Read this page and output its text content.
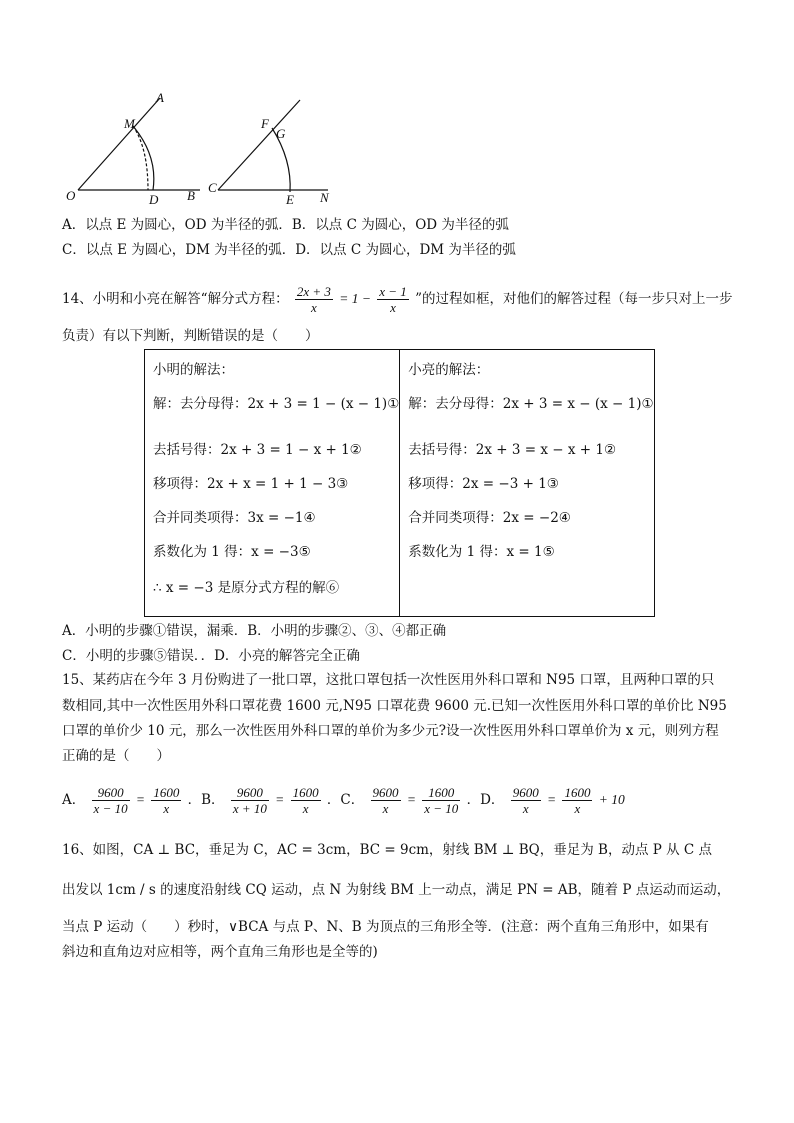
A
M
O	D B
F
G
C
E N
A．以点 E 为圆心，OD 为半径的弧．B．以点 C 为圆心，OD 为半径的弧
C．以点 E 为圆心，DM 为半径的弧．D．以点 C 为圆心，DM 为半径的弧
14、小明和小亮在解答“解分式方程： $\frac{2x + 3}{x} = 1 - \frac{x - 1}{x}$ ”的过程如框，对他们的解答过程（每一步只对上一步
负责）有以下判断，判断错误的是（　　）
小明的解法：
解：去分母得：2x + 3 = 1 − (x − 1)①
去括号得：2x + 3 = 1 − x + 1②
移项得：2x + x = 1 + 1 − 3③
合并同类项得：3x = −1④
系数化为 1 得：x = −3⑤
∴ x = −3 是原分式方程的解⑥

小亮的解法：
解：去分母得：2x + 3 = x − (x − 1)①
去括号得：2x + 3 = x − x + 1②
移项得：2x = −3 + 1③
合并同类项得：2x = −2④
系数化为 1 得：x = 1⑤
A．小明的步骤①错误，漏乘．B．小明的步骤②、③、④都正确
C．小明的步骤⑤错误．．D．小亮的解答完全正确
15、某药店在今年 3 月份购进了一批口罩，这批口罩包括一次性医用外科口罩和 N95 口罩，且两种口罩的只
数相同,其中一次性医用外科口罩花费 1600 元,N95 口罩花费 9600 元.已知一次性医用外科口罩的单价比 N95
口罩的单价少 10 元，那么一次性医用外科口罩的单价为多少元?设一次性医用外科口罩单价为 x 元，则列方程
正确的是（　　）
A． $\frac{9600}{x - 10} = \frac{1600}{x}$ ．B． $\frac{9600}{x + 10} = \frac{1600}{x}$ ．C． $\frac{9600}{x} = \frac{1600}{x - 10}$ ．D． $\frac{9600}{x} = \frac{1600}{x} + 10$
16、如图，CA ⊥ BC，垂足为 C，AC = 3cm，BC = 9cm，射线 BM ⊥ BQ，垂足为 B，动点 P 从 C 点
出发以 1cm / s 的速度沿射线 CQ 运动，点 N 为射线 BM 上一动点，满足 PN = AB，随着 P 点运动而运动，
当点 P 运动（　　）秒时，∨BCA 与点 P、N、B 为顶点的三角形全等．(注意：两个直角三角形中，如果有
斜边和直角边对应相等，两个直角三角形也是全等的)
